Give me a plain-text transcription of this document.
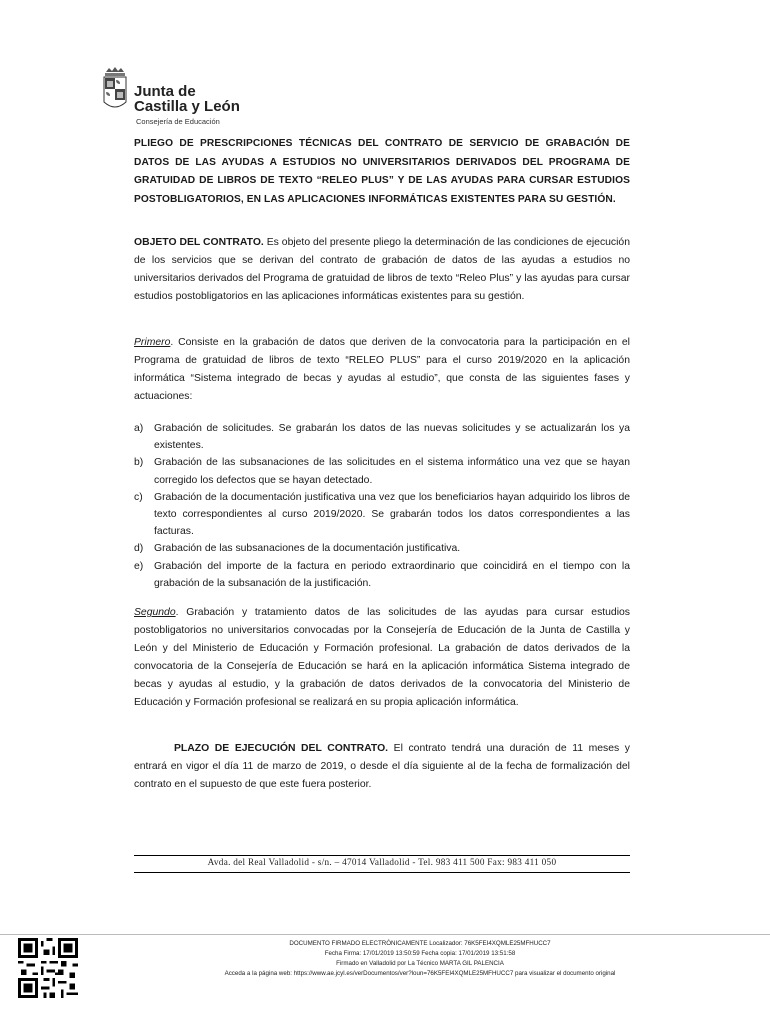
Junta de
Castilla y León
Consejería de Educación
PLIEGO DE PRESCRIPCIONES TÉCNICAS DEL CONTRATO DE SERVICIO DE GRABACIÓN DE DATOS DE LAS AYUDAS A ESTUDIOS NO UNIVERSITARIOS DERIVADOS DEL PROGRAMA DE GRATUIDAD DE LIBROS DE TEXTO “RELEO PLUS” Y DE LAS AYUDAS PARA CURSAR ESTUDIOS POSTOBLIGATORIOS, EN LAS APLICACIONES INFORMÁTICAS EXISTENTES PARA SU GESTIÓN.
OBJETO DEL CONTRATO. Es objeto del presente pliego la determinación de las condiciones de ejecución de los servicios que se derivan del contrato de grabación de datos de las ayudas a estudios no universitarios derivados del Programa de gratuidad de libros de texto “Releo Plus” y las ayudas para cursar estudios postobligatorios en las aplicaciones informáticas existentes para su gestión.
Primero. Consiste en la grabación de datos que deriven de la convocatoria para la participación en el Programa de gratuidad de libros de texto “RELEO PLUS” para el curso 2019/2020 en la aplicación informática “Sistema integrado de becas y ayudas al estudio”, que consta de las siguientes fases y actuaciones:
a) Grabación de solicitudes. Se grabarán los datos de las nuevas solicitudes y se actualizarán los ya existentes.
b) Grabación de las subsanaciones de las solicitudes en el sistema informático una vez que se hayan corregido los defectos que se hayan detectado.
c) Grabación de la documentación justificativa una vez que los beneficiarios hayan adquirido los libros de texto correspondientes al curso 2019/2020. Se grabarán todos los datos correspondientes a las facturas.
d) Grabación de las subsanaciones de la documentación justificativa.
e) Grabación del importe de la factura en periodo extraordinario que coincidirá en el tiempo con la grabación de la subsanación de la justificación.
Segundo. Grabación y tratamiento datos de las solicitudes de las ayudas para cursar estudios postobligatorios no universitarios convocadas por la Consejería de Educación de la Junta de Castilla y León y del Ministerio de Educación y Formación profesional. La grabación de datos derivados de la convocatoria de la Consejería de Educación se hará en la aplicación informática Sistema integrado de becas y ayudas al estudio, y la grabación de datos derivados de la convocatoria del Ministerio de Educación y Formación profesional se realizará en su propia aplicación informática.
PLAZO DE EJECUCIÓN DEL CONTRATO. El contrato tendrá una duración de 11 meses y entrará en vigor el día 11 de marzo de 2019, o desde el día siguiente al de la fecha de formalización del contrato en el supuesto de que este fuera posterior.
Avda. del Real Valladolid - s/n. – 47014 Valladolid - Tel. 983 411 500 Fax: 983 411 050
DOCUMENTO FIRMADO ELECTRÓNICAMENTE Localizador: 76K5FEI4XQMLE25MFHUCC7
Fecha Firma: 17/01/2019 13:50:59 Fecha copia: 17/01/2019 13:51:58
Firmado en Valladolid por La Técnico MARTA GIL PALENCIA
Acceda a la página web: https://www.ae.jcyl.es/verDocumentos/ver?loun=76K5FEI4XQMLE25MFHUCC7 para visualizar el documento original
